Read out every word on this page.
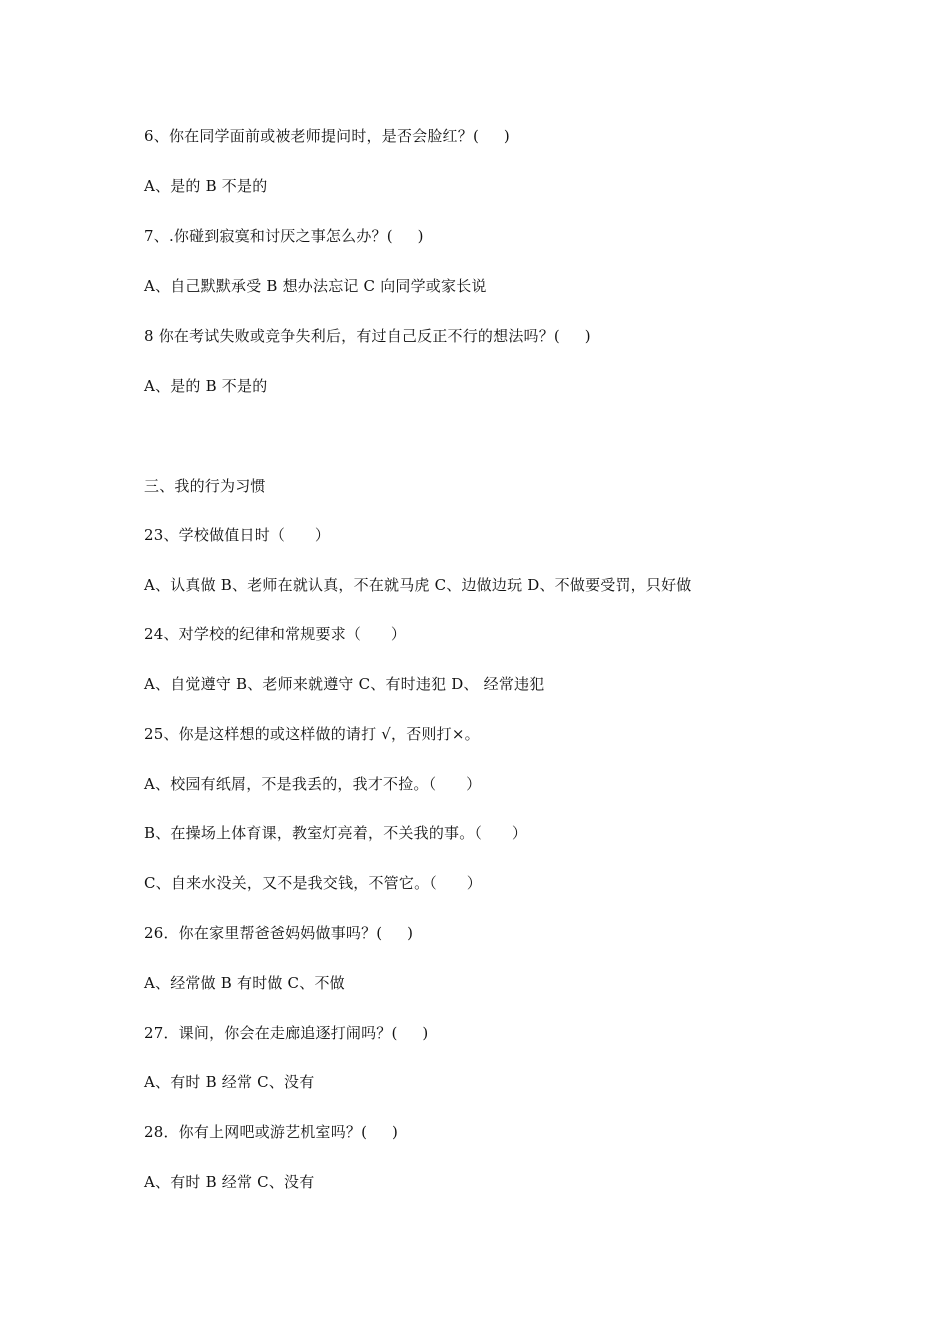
6、你在同学面前或被老师提问时，是否会脸红？(     )
A、是的 B 不是的
7、.你碰到寂寞和讨厌之事怎么办？(     )
A、自己默默承受 B 想办法忘记 C 向同学或家长说
8 你在考试失败或竞争失利后，有过自己反正不行的想法吗？(     )
A、是的 B 不是的
三、我的行为习惯
23、学校做值日时（      ）
A、认真做 B、老师在就认真，不在就马虎 C、边做边玩 D、不做要受罚，只好做
24、对学校的纪律和常规要求（      ）
A、自觉遵守 B、老师来就遵守 C、有时违犯 D、 经常违犯
25、你是这样想的或这样做的请打 √，否则打×。
A、校园有纸屑，不是我丢的，我才不捡。（      ）
B、在操场上体育课，教室灯亮着，不关我的事。（      ）
C、自来水没关，又不是我交钱，不管它。（      ）
26．你在家里帮爸爸妈妈做事吗？(     )
A、经常做 B 有时做 C、不做
27．课间，你会在走廊追逐打闹吗？(     )
A、有时 B 经常 C、没有
28．你有上网吧或游艺机室吗？(     )
A、有时 B 经常 C、没有
